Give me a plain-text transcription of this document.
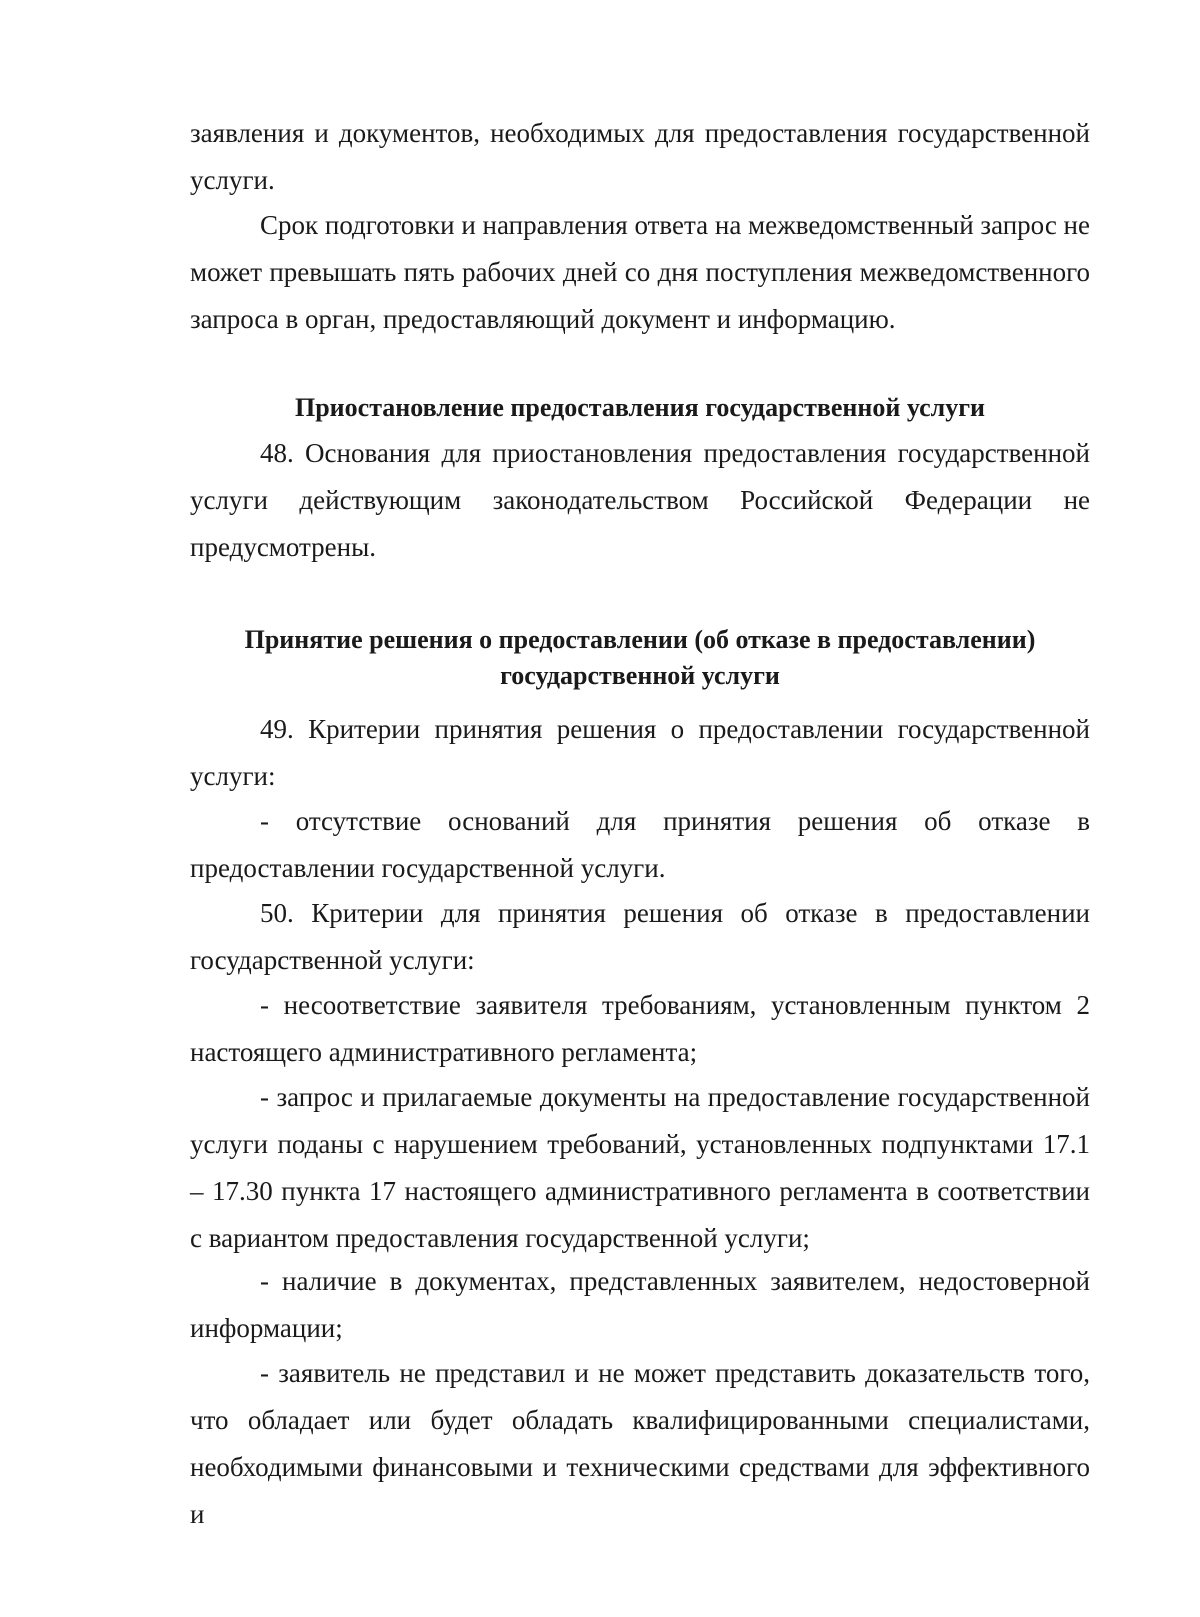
заявления и документов, необходимых для предоставления государственной услуги.

Срок подготовки и направления ответа на межведомственный запрос не может превышать пять рабочих дней со дня поступления межведомственного запроса в орган, предоставляющий документ и информацию.

Приостановление предоставления государственной услуги

48. Основания для приостановления предоставления государственной услуги действующим законодательством Российской Федерации не предусмотрены.

Принятие решения о предоставлении (об отказе в предоставлении)
государственной услуги

49. Критерии принятия решения о предоставлении государственной услуги:

- отсутствие оснований для принятия решения об отказе в предоставлении государственной услуги.

50. Критерии для принятия решения об отказе в предоставлении государственной услуги:

- несоответствие заявителя требованиям, установленным пунктом 2 настоящего административного регламента;

- запрос и прилагаемые документы на предоставление государственной услуги поданы с нарушением требований, установленных подпунктами 17.1 – 17.30 пункта 17 настоящего административного регламента в соответствии с вариантом предоставления государственной услуги;

- наличие в документах, представленных заявителем, недостоверной информации;

- заявитель не представил и не может представить доказательств того, что обладает или будет обладать квалифицированными специалистами, необходимыми финансовыми и техническими средствами для эффективного и
